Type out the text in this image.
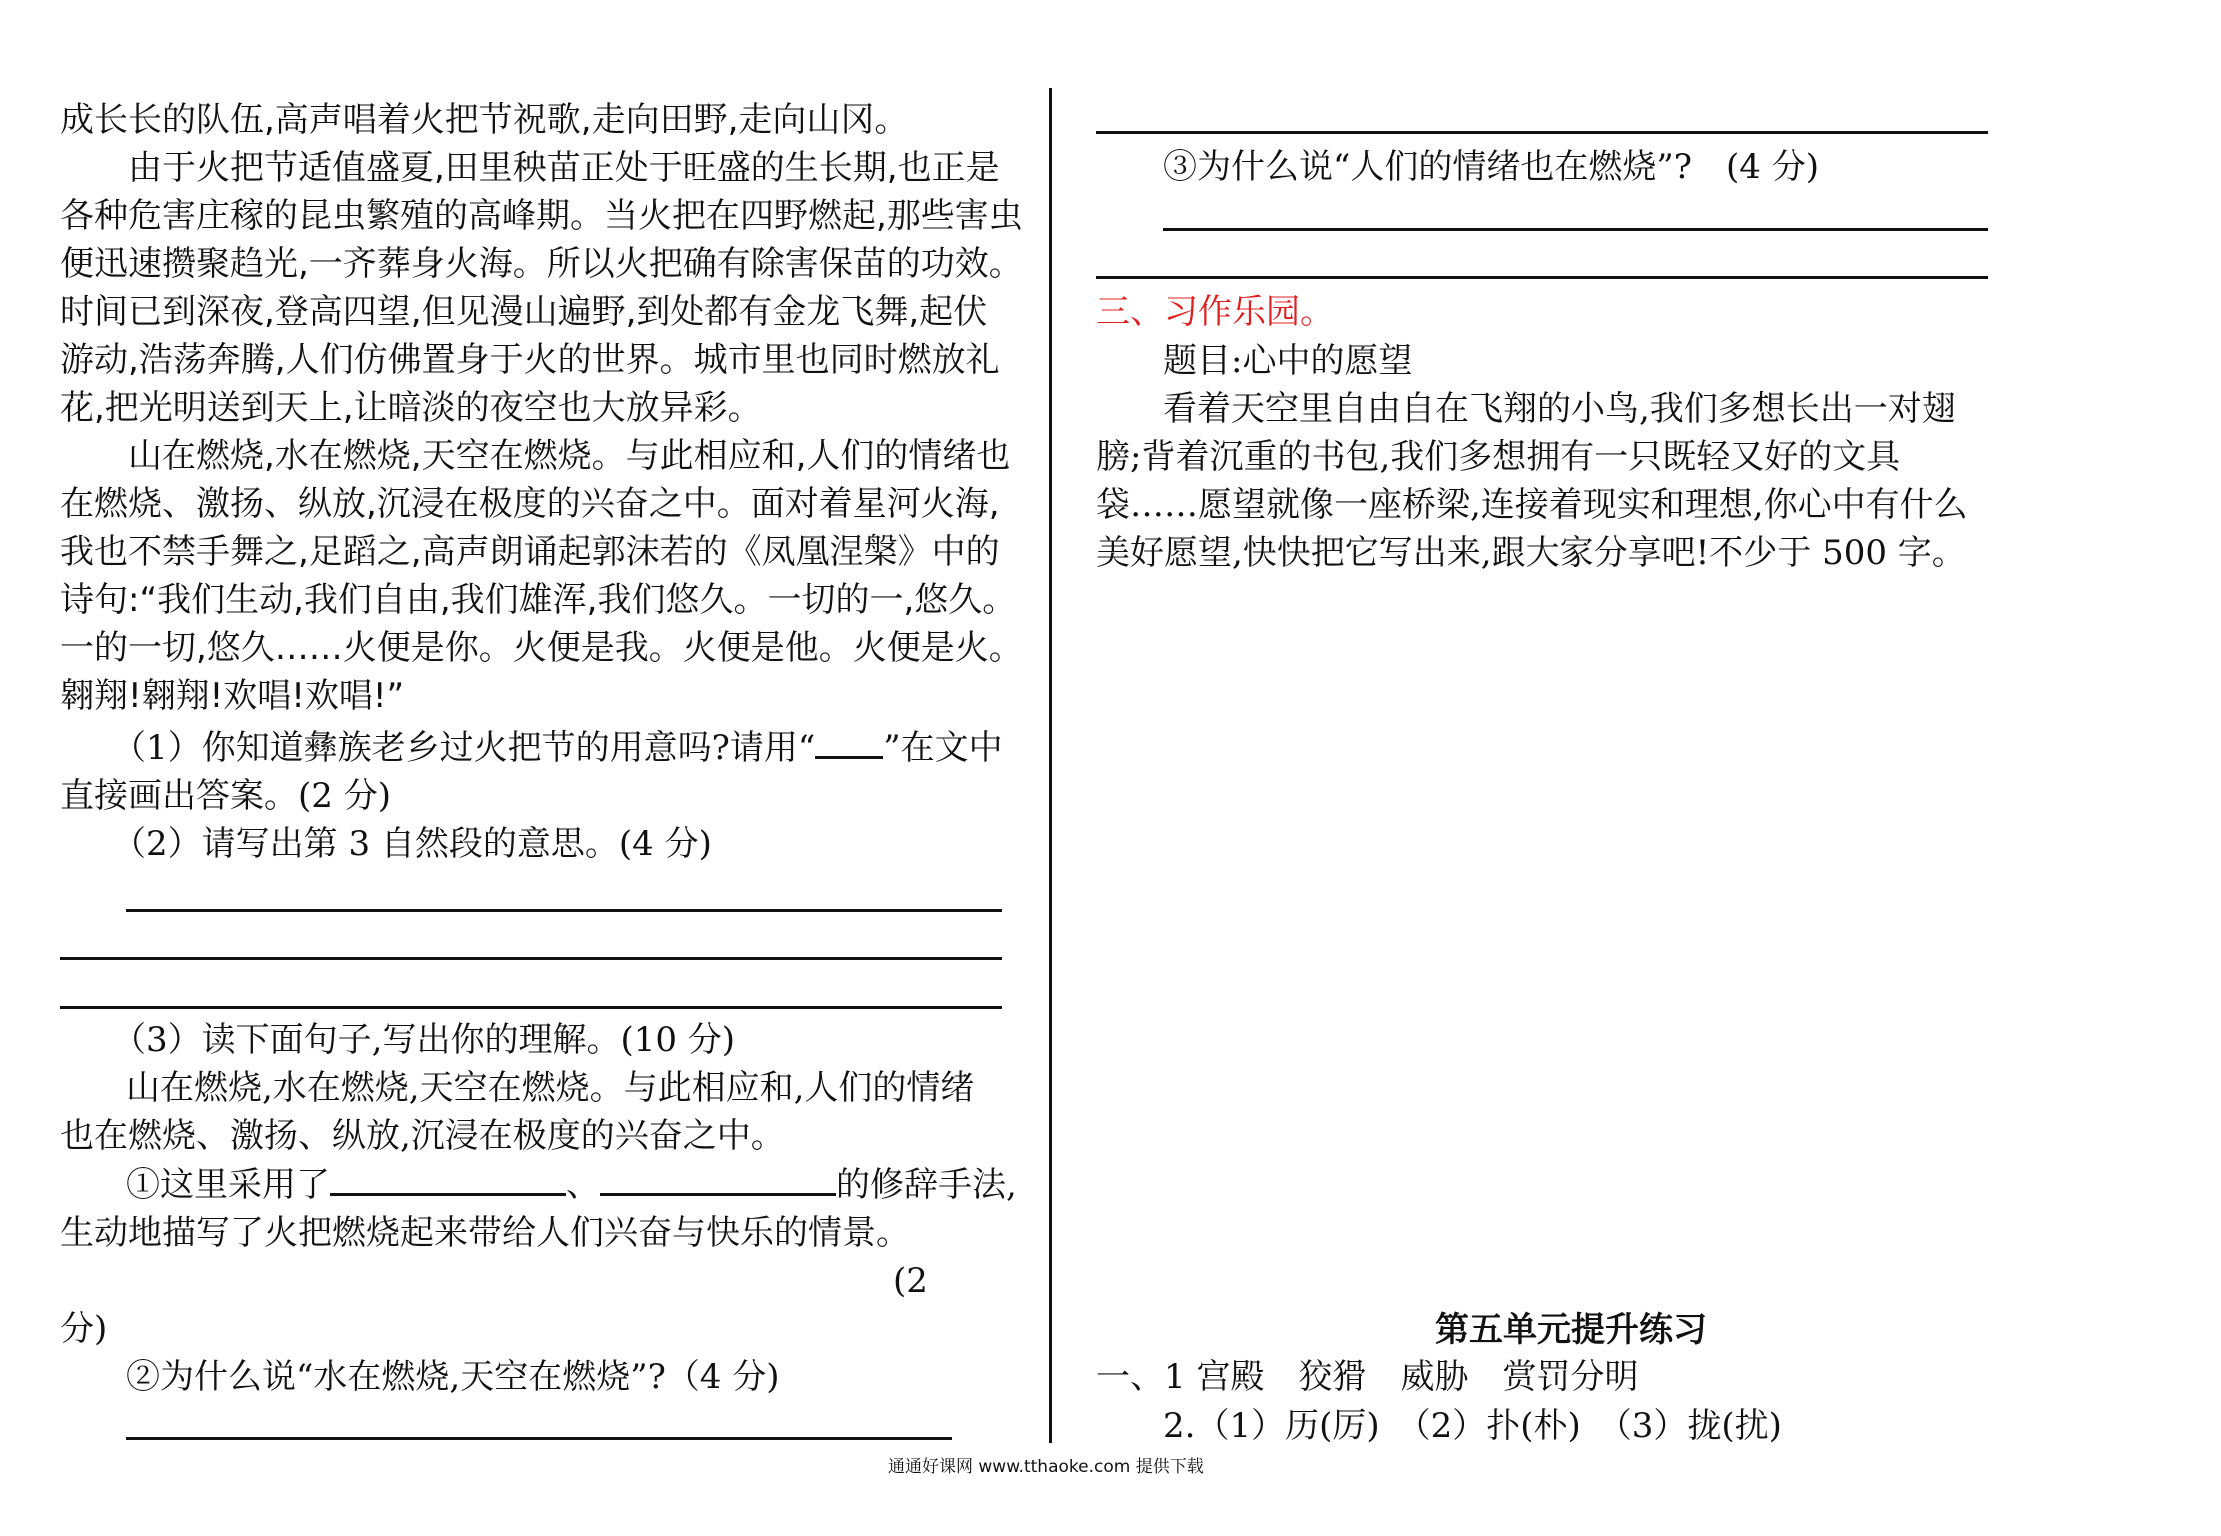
成长长的队伍,高声唱着火把节祝歌,走向田野,走向山冈。
　　由于火把节适值盛夏,田里秧苗正处于旺盛的生长期,也正是
各种危害庄稼的昆虫繁殖的高峰期。当火把在四野燃起,那些害虫
便迅速攒聚趋光,一齐葬身火海。所以火把确有除害保苗的功效。
时间已到深夜,登高四望,但见漫山遍野,到处都有金龙飞舞,起伏
游动,浩荡奔腾,人们仿佛置身于火的世界。城市里也同时燃放礼
花,把光明送到天上,让暗淡的夜空也大放异彩。
　　山在燃烧,水在燃烧,天空在燃烧。与此相应和,人们的情绪也
在燃烧、激扬、纵放,沉浸在极度的兴奋之中。面对着星河火海,
我也不禁手舞之,足蹈之,高声朗诵起郭沫若的《凤凰涅槃》中的
诗句:“我们生动,我们自由,我们雄浑,我们悠久。一切的一,悠久。
一的一切,悠久……火便是你。火便是我。火便是他。火便是火。
翱翔!翱翔!欢唱!欢唱!”
（1）你知道彝族老乡过火把节的用意吗?请用“ ”在文中
直接画出答案。(2 分)
（2）请写出第 3 自然段的意思。(4 分)
（3）读下面句子,写出你的理解。(10 分)
山在燃烧,水在燃烧,天空在燃烧。与此相应和,人们的情绪
也在燃烧、激扬、纵放,沉浸在极度的兴奋之中。
①这里采用了	、	的修辞手法,
生动地描写了火把燃烧起来带给人们兴奋与快乐的情景。
(2
分)
②为什么说“水在燃烧,天空在燃烧”?（4 分)
③为什么说“人们的情绪也在燃烧”?　(4 分)
三、习作乐园。
题目:心中的愿望
看着天空里自由自在飞翔的小鸟,我们多想长出一对翅
膀;背着沉重的书包,我们多想拥有一只既轻又好的文具
袋……愿望就像一座桥梁,连接着现实和理想,你心中有什么
美好愿望,快快把它写出来,跟大家分享吧!不少于 500 字。
第五单元提升练习
一、1 宫殿　狡猾　威胁　赏罚分明
2.（1）历(厉)　（2）扑(朴)　（3）拢(扰)
通通好课网 www.tthaoke.com 提供下载
